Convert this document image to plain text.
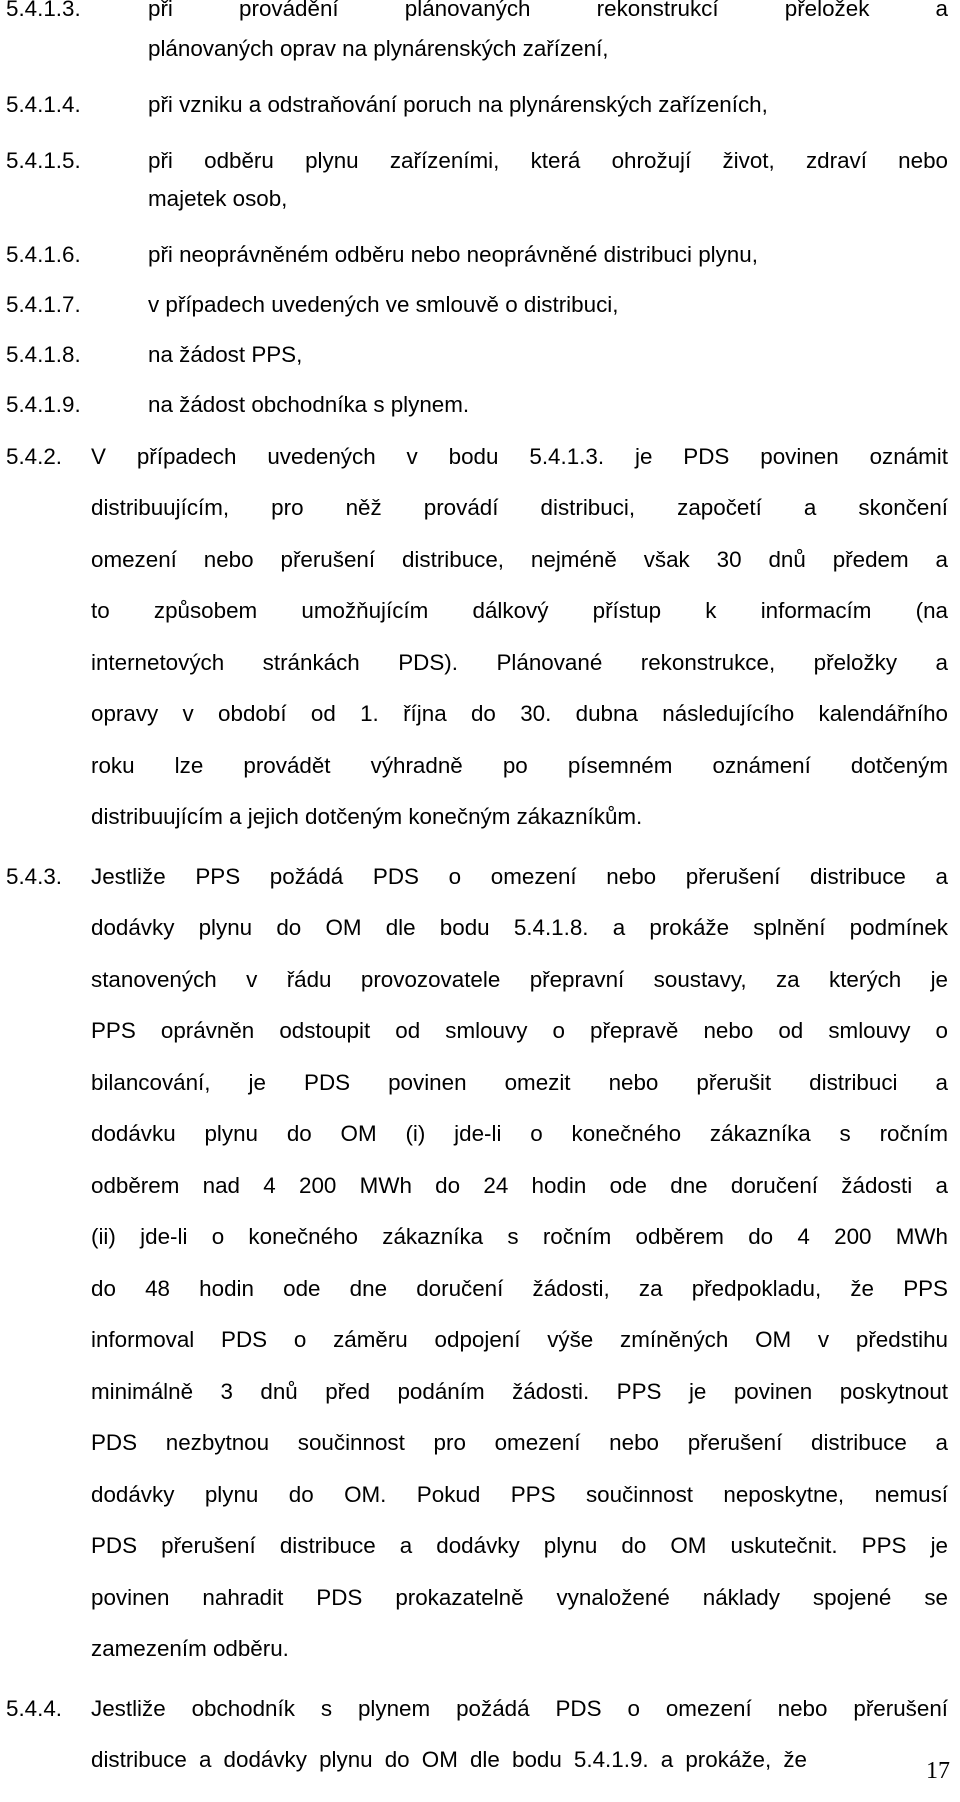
5.4.1.3.	při provádění plánovaných rekonstrukcí přeložek a
plánovaných oprav na plynárenských zařízení,
5.4.1.4.	při vzniku a odstraňování poruch na plynárenských zařízeních,
5.4.1.5.	při odběru plynu zařízeními, která ohrožují život, zdraví nebo
majetek osob,
5.4.1.6.	při neoprávněném odběru nebo neoprávněné distribuci plynu,
5.4.1.7.	v případech uvedených ve smlouvě o distribuci,
5.4.1.8.	na žádost PPS,
5.4.1.9.	na žádost obchodníka s plynem.
5.4.2. V případech uvedených v bodu 5.4.1.3. je PDS povinen oznámit
distribuujícím, pro něž provádí distribuci, započetí a skončení
omezení nebo přerušení distribuce, nejméně však 30 dnů předem a
to způsobem umožňujícím dálkový přístup k informacím (na
internetových stránkách PDS). Plánované rekonstrukce, přeložky a
opravy v období od 1. října do 30. dubna následujícího kalendářního
roku lze provádět výhradně po písemném oznámení dotčeným
distribuujícím a jejich dotčeným konečným zákazníkům.
5.4.3. Jestliže PPS požádá PDS o omezení nebo přerušení distribuce a
dodávky plynu do OM dle bodu 5.4.1.8. a prokáže splnění podmínek
stanovených v řádu provozovatele přepravní soustavy, za kterých je
PPS oprávněn odstoupit od smlouvy o přepravě nebo od smlouvy o
bilancování, je PDS povinen omezit nebo přerušit distribuci a
dodávku plynu do OM (i) jde-li o konečného zákazníka s ročním
odběrem nad 4 200 MWh do 24 hodin ode dne doručení žádosti a
(ii) jde-li o konečného zákazníka s ročním odběrem do 4 200 MWh
do 48 hodin ode dne doručení žádosti, za předpokladu, že PPS
informoval PDS o záměru odpojení výše zmíněných OM v předstihu
minimálně 3 dnů před podáním žádosti. PPS je povinen poskytnout
PDS nezbytnou součinnost pro omezení nebo přerušení distribuce a
dodávky plynu do OM. Pokud PPS součinnost neposkytne, nemusí
PDS přerušení distribuce a dodávky plynu do OM uskutečnit. PPS je
povinen nahradit PDS prokazatelně vynaložené náklady spojené se
zamezením odběru.
5.4.4. Jestliže obchodník s plynem požádá PDS o omezení nebo přerušení
distribuce a dodávky plynu do OM dle bodu 5.4.1.9. a prokáže, že	17
